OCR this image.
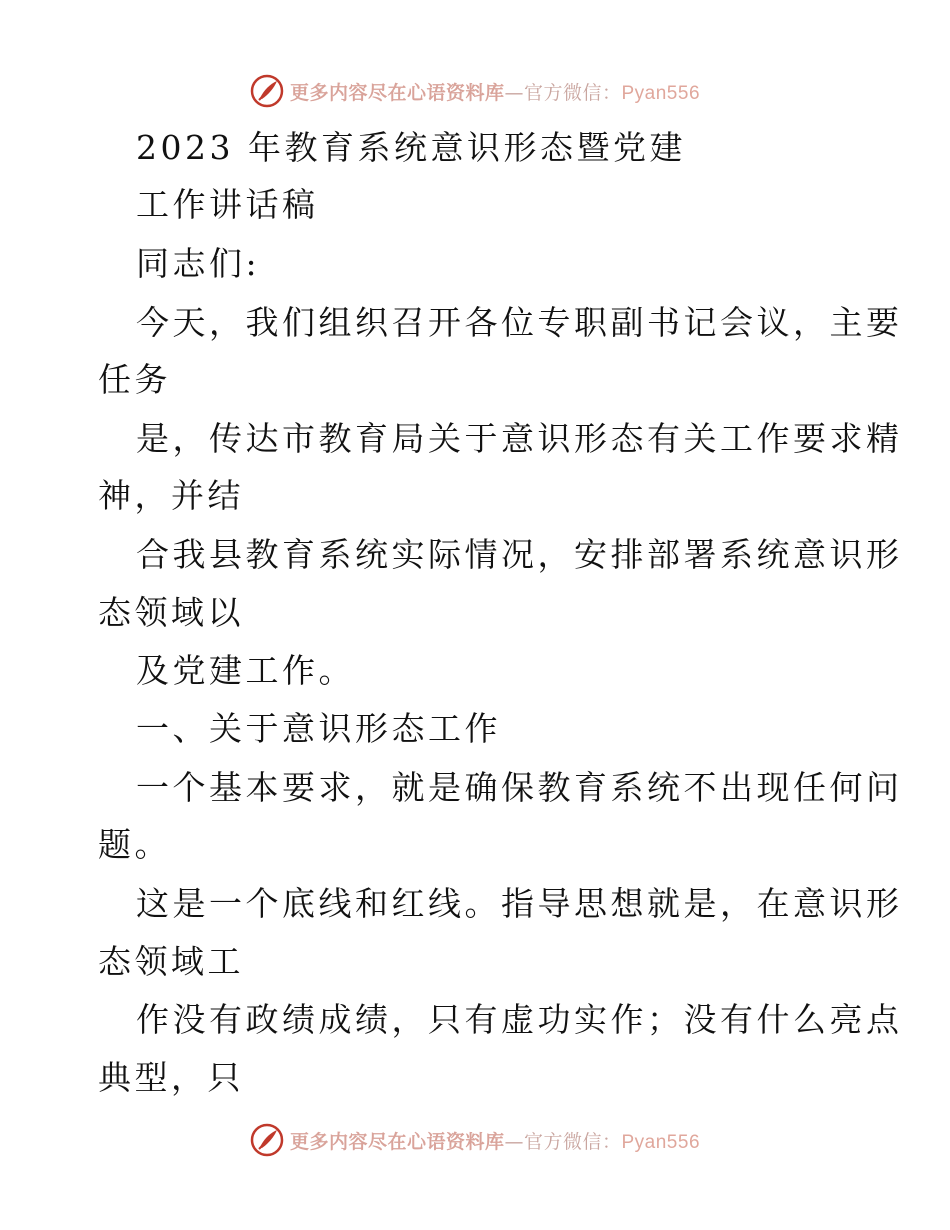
更多内容尽在心语资料库—官方微信：Pyan556
2023 年教育系统意识形态暨党建
工作讲话稿
同志们:
今天，我们组织召开各位专职副书记会议，主要
任务
是，传达市教育局关于意识形态有关工作要求精
神，并结
合我县教育系统实际情况，安排部署系统意识形
态领域以
及党建工作。
一、关于意识形态工作
一个基本要求，就是确保教育系统不出现任何问
题。
这是一个底线和红线。指导思想就是，在意识形
态领域工
作没有政绩成绩，只有虚功实作；没有什么亮点
典型，只
更多内容尽在心语资料库—官方微信：Pyan556
